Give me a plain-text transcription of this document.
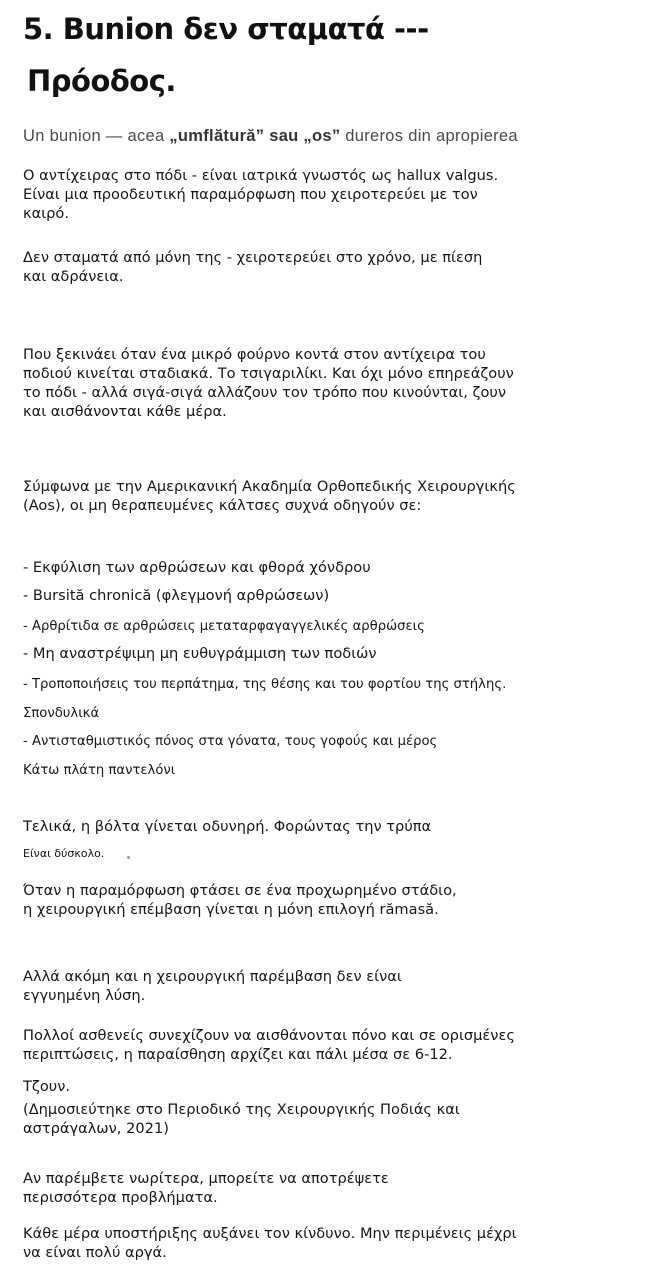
5. Bunion δεν σταματά ---
Πρόοδος.
Un bunion — acea „umflătură” sau „os” dureros din apropierea
Ο αντίχειρας στο πόδι - είναι ιατρικά γνωστός ως hallux valgus.
Είναι μια προοδευτική παραμόρφωση που χειροτερεύει με τον
καιρό.
Δεν σταματά από μόνη της - χειροτερεύει στο χρόνο, με πίεση
και αδράνεια.
Που ξεκινάει όταν ένα μικρό φούρνο κοντά στον αντίχειρα του
ποδιού κινείται σταδιακά. Το τσιγαριλίκι. Και όχι μόνο επηρεάζουν
το πόδι - αλλά σιγά-σιγά αλλάζουν τον τρόπο που κινούνται, ζουν
και αισθάνονται κάθε μέρα.
Σύμφωνα με την Αμερικανική Ακαδημία Ορθοπεδικής Χειρουργικής
(Aos), οι μη θεραπευμένες κάλτσες συχνά οδηγούν σε:
- Εκφύλιση των αρθρώσεων και φθορά χόνδρου
- Bursită chronică (φλεγμονή αρθρώσεων)
- Αρθρίτιδα σε αρθρώσεις μεταταρφαγαγγελικές αρθρώσεις
- Μη αναστρέψιμη μη ευθυγράμμιση των ποδιών
- Τροποποιήσεις του περπάτημα, της θέσης και του φορτίου της στήλης.
Σπονδυλικά
- Αντισταθμιστικός πόνος στα γόνατα, τους γοφούς και μέρος
Κάτω πλάτη παντελόνι
Τελικά, η βόλτα γίνεται οδυνηρή. Φορώντας την τρύπα
Είναι δύσκολο.
Όταν η παραμόρφωση φτάσει σε ένα προχωρημένο στάδιο,
η χειρουργική επέμβαση γίνεται η μόνη επιλογή rămasă.
Αλλά ακόμη και η χειρουργική παρέμβαση δεν είναι
εγγυημένη λύση.
Πολλοί ασθενείς συνεχίζουν να αισθάνονται πόνο και σε ορισμένες
περιπτώσεις, η παραίσθηση αρχίζει και πάλι μέσα σε 6-12.
Τζουν.
(Δημοσιεύτηκε στο Περιοδικό της Χειρουργικής Ποδιάς και
αστράγαλων, 2021)
Αν παρέμβετε νωρίτερα, μπορείτε να αποτρέψετε
περισσότερα προβλήματα.
Κάθε μέρα υποστήριξης αυξάνει τον κίνδυνο. Μην περιμένεις μέχρι
να είναι πολύ αργά.
